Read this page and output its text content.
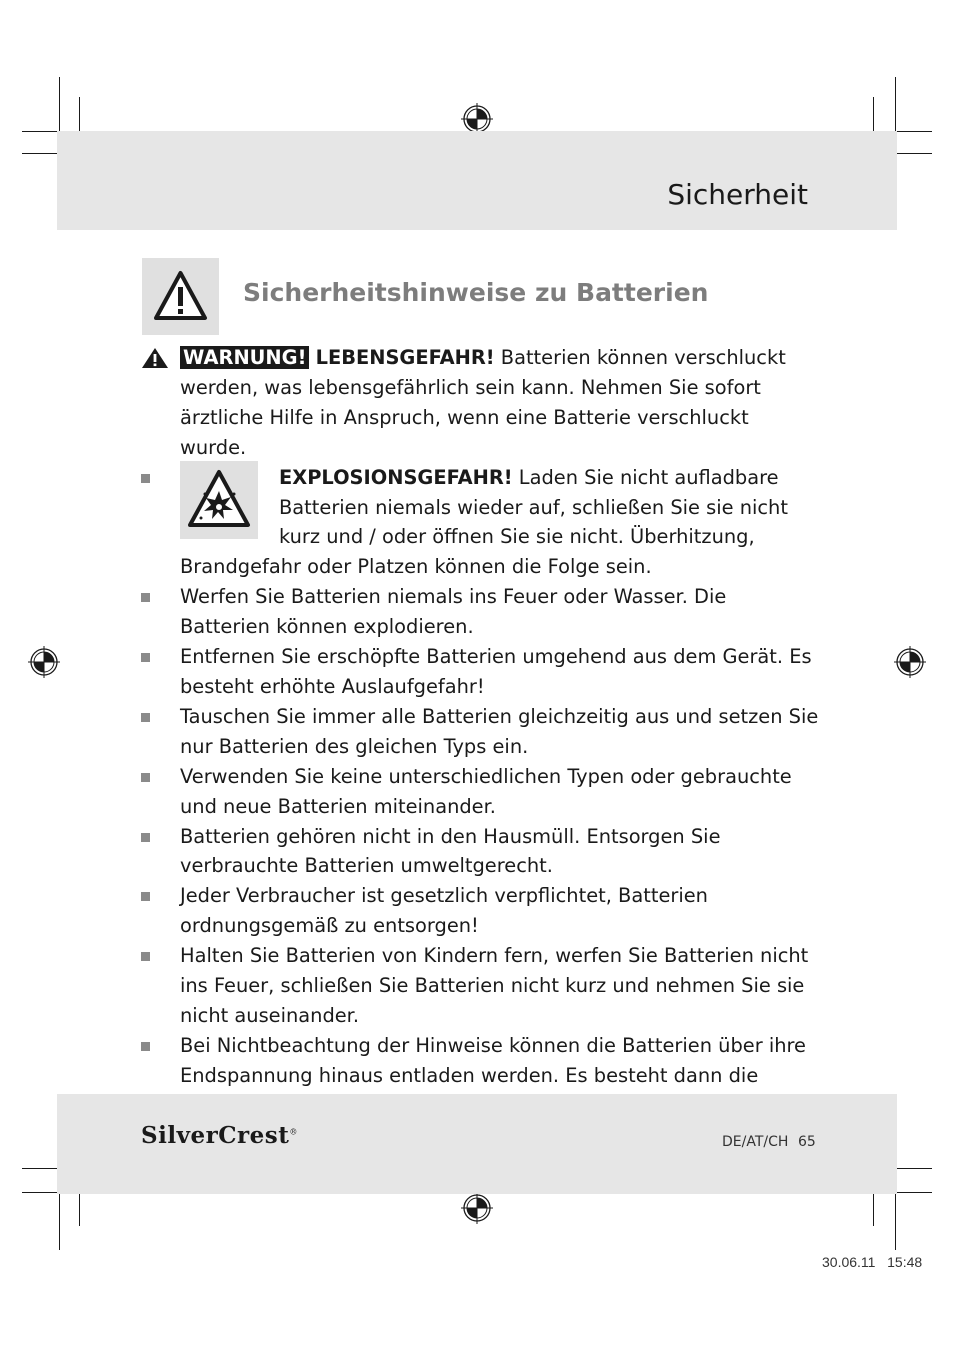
Sicherheit
Sicherheitshinweise zu Batterien

WARNUNG! LEBENSGEFAHR! Batterien können verschluckt werden, was lebensgefährlich sein kann. Nehmen Sie sofort ärztliche Hilfe in Anspruch, wenn eine Batterie verschluckt wurde.

EXPLOSIONSGEFAHR! Laden Sie nicht aufladbare Batterien niemals wieder auf, schließen Sie sie nicht kurz und / oder öffnen Sie sie nicht. Überhitzung, Brandgefahr oder Platzen können die Folge sein.

Werfen Sie Batterien niemals ins Feuer oder Wasser. Die Batterien können explodieren.

Entfernen Sie erschöpfte Batterien umgehend aus dem Gerät. Es besteht erhöhte Auslaufgefahr!

Tauschen Sie immer alle Batterien gleichzeitig aus und setzen Sie nur Batterien des gleichen Typs ein.

Verwenden Sie keine unterschiedlichen Typen oder gebrauchte und neue Batterien miteinander.

Batterien gehören nicht in den Hausmüll. Entsorgen Sie verbrauchte Batterien umweltgerecht.

Jeder Verbraucher ist gesetzlich verpflichtet, Batterien ordnungsgemäß zu entsorgen!

Halten Sie Batterien von Kindern fern, werfen Sie Batterien nicht ins Feuer, schließen Sie Batterien nicht kurz und nehmen Sie sie nicht auseinander.

Bei Nichtbeachtung der Hinweise können die Batterien über ihre Endspannung hinaus entladen werden. Es besteht dann die

SilverCrest®
DE/AT/CH 65
30.06.11   15:48
